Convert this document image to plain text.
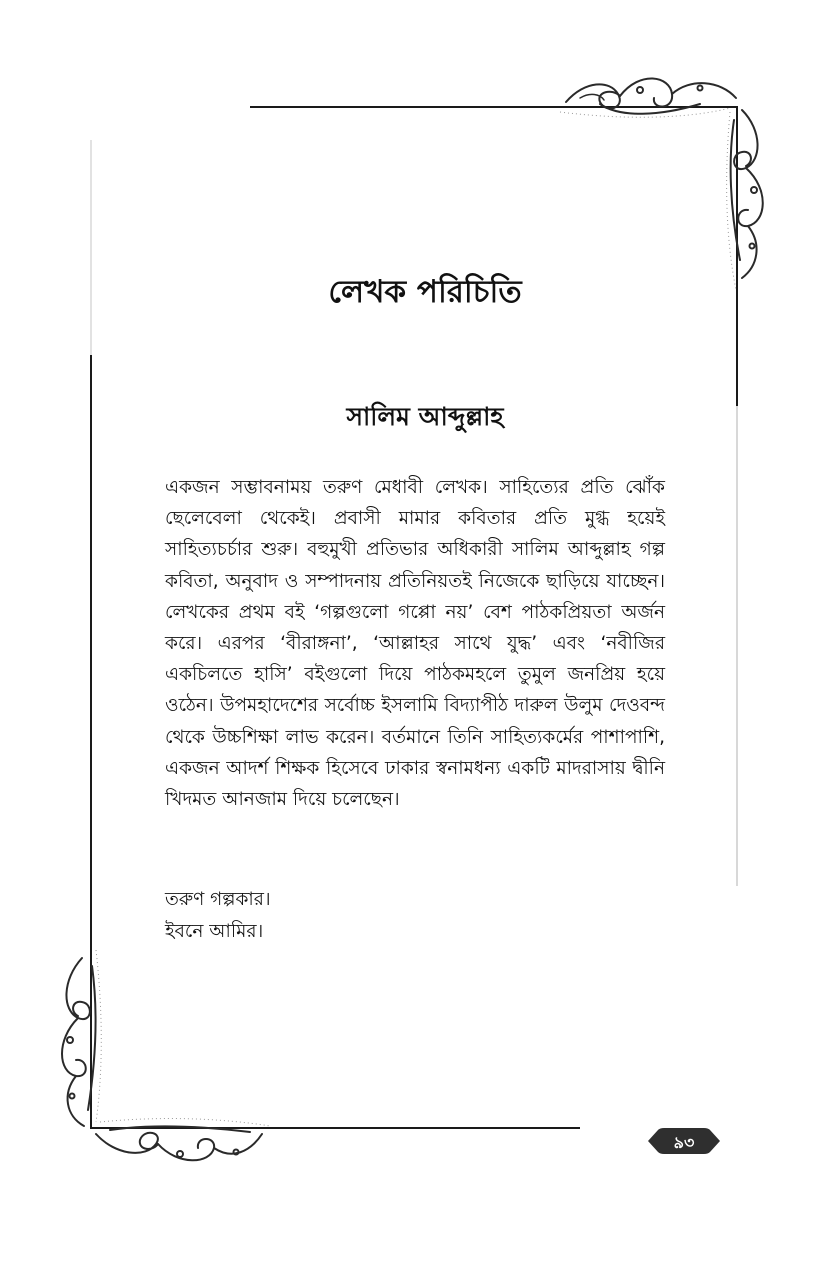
লেখক পরিচিতি
সালিম আব্দুল্লাহ

একজন সম্ভাবনাময় তরুণ মেধাবী লেখক। সাহিত্যের প্রতি ঝোঁক ছেলেবেলা থেকেই। প্রবাসী মামার কবিতার প্রতি মুগ্ধ হয়েই সাহিত্যচর্চার শুরু। বহুমুখী প্রতিভার অধিকারী সালিম আব্দুল্লাহ গল্প কবিতা, অনুবাদ ও সম্পাদনায় প্রতিনিয়তই নিজেকে ছাড়িয়ে যাচ্ছেন। লেখকের প্রথম বই ‘গল্পগুলো গপ্পো নয়’ বেশ পাঠকপ্রিয়তা অর্জন করে। এরপর ‘বীরাঙ্গনা’, ‘আল্লাহর সাথে যুদ্ধ’ এবং ‘নবীজির একচিলতে হাসি’ বইগুলো দিয়ে পাঠকমহলে তুমুল জনপ্রিয় হয়ে ওঠেন। উপমহাদেশের সর্বোচ্চ ইসলামি বিদ্যাপীঠ দারুল উলুম দেওবন্দ থেকে উচ্চশিক্ষা লাভ করেন। বর্তমানে তিনি সাহিত্যকর্মের পাশাপাশি, একজন আদর্শ শিক্ষক হিসেবে ঢাকার স্বনামধন্য একটি মাদরাসায় দ্বীনি খিদমত আনজাম দিয়ে চলেছেন।

তরুণ গল্পকার।
ইবনে আমির।
৯৩
